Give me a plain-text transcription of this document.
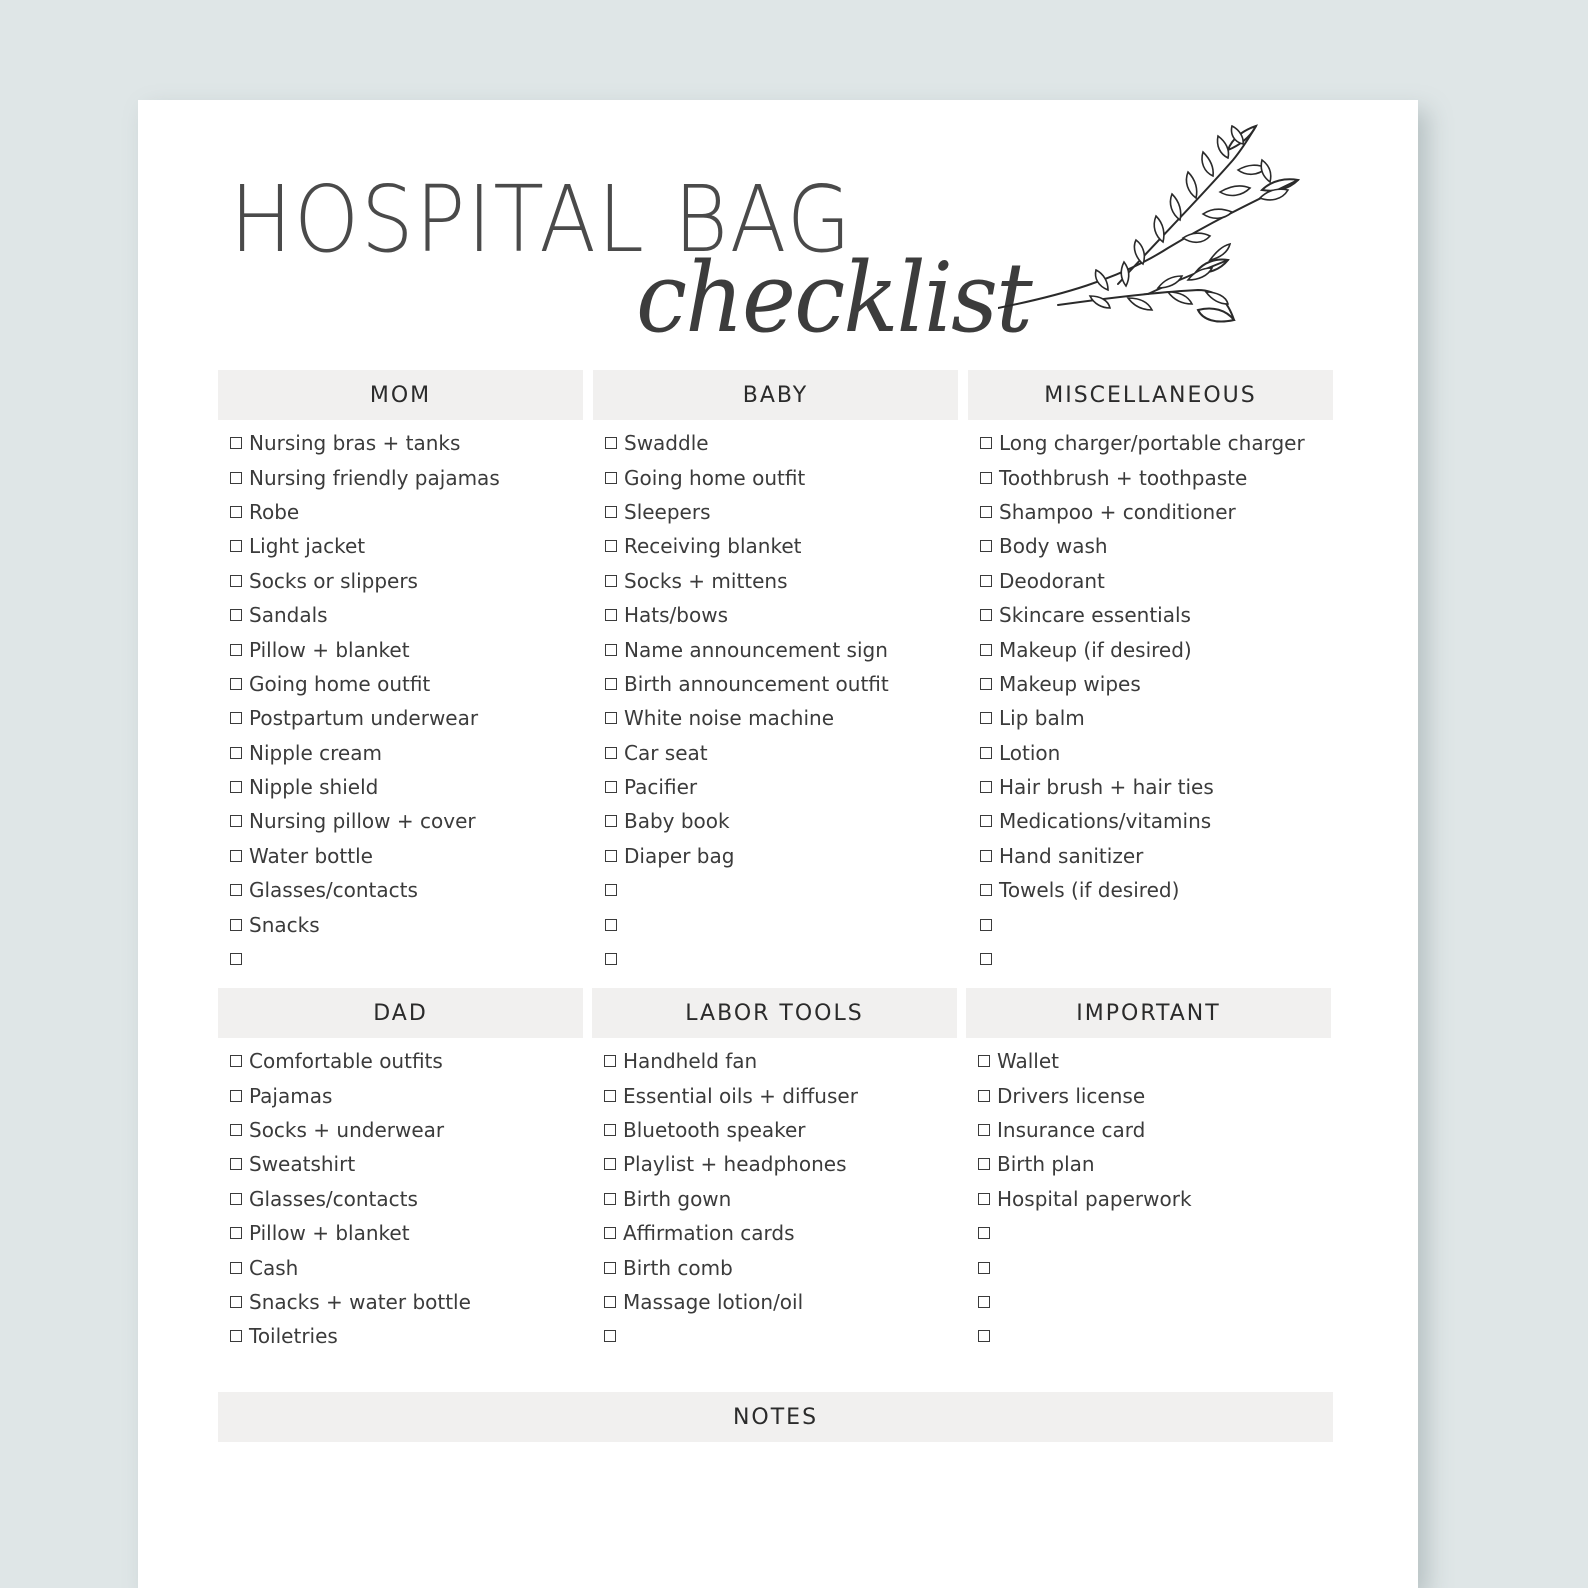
HOSPITAL BAG
checklist
MOM
Nursing bras + tanks
Nursing friendly pajamas
Robe
Light jacket
Socks or slippers
Sandals
Pillow + blanket
Going home outfit
Postpartum underwear
Nipple cream
Nipple shield
Nursing pillow + cover
Water bottle
Glasses/contacts
Snacks
BABY
Swaddle
Going home outfit
Sleepers
Receiving blanket
Socks + mittens
Hats/bows
Name announcement sign
Birth announcement outfit
White noise machine
Car seat
Pacifier
Baby book
Diaper bag
MISCELLANEOUS
Long charger/portable charger
Toothbrush + toothpaste
Shampoo + conditioner
Body wash
Deodorant
Skincare essentials
Makeup (if desired)
Makeup wipes
Lip balm
Lotion
Hair brush + hair ties
Medications/vitamins
Hand sanitizer
Towels (if desired)
DAD
Comfortable outfits
Pajamas
Socks + underwear
Sweatshirt
Glasses/contacts
Pillow + blanket
Cash
Snacks + water bottle
Toiletries
LABOR TOOLS
Handheld fan
Essential oils + diffuser
Bluetooth speaker
Playlist + headphones
Birth gown
Affirmation cards
Birth comb
Massage lotion/oil
IMPORTANT
Wallet
Drivers license
Insurance card
Birth plan
Hospital paperwork
NOTES
